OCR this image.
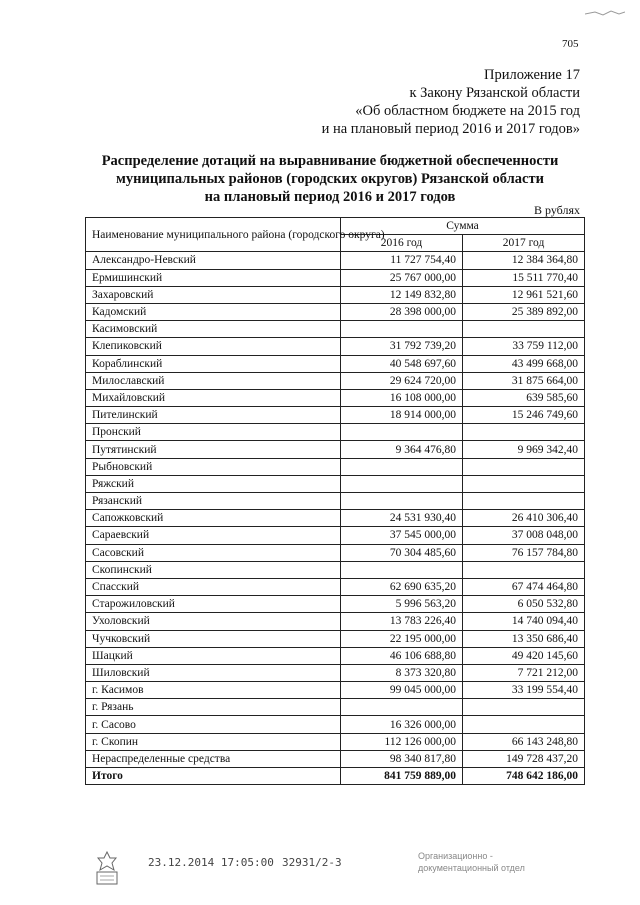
705
Приложение 17
к Закону Рязанской области
«Об областном бюджете на 2015 год
и на плановый период 2016 и 2017 годов»
Распределение дотаций на выравнивание бюджетной обеспеченности
муниципальных районов (городских округов) Рязанской области
на плановый период 2016 и 2017 годов
В рублях
Наименование муниципального района (городского округа)	Сумма	
	2016 год	2017 год
Александро-Невский	11 727 754,40	12 384 364,80
Ермишинский	25 767 000,00	15 511 770,40
Захаровский	12 149 832,80	12 961 521,60
Кадомский	28 398 000,00	25 389 892,00
Касимовский		
Клепиковский	31 792 739,20	33 759 112,00
Кораблинский	40 548 697,60	43 499 668,00
Милославский	29 624 720,00	31 875 664,00
Михайловский	16 108 000,00	639 585,60
Пителинский	18 914 000,00	15 246 749,60
Пронский		
Путятинский	9 364 476,80	9 969 342,40
Рыбновский		
Ряжский		
Рязанский		
Сапожковский	24 531 930,40	26 410 306,40
Сараевский	37 545 000,00	37 008 048,00
Сасовский	70 304 485,60	76 157 784,80
Скопинский		
Спасский	62 690 635,20	67 474 464,80
Старожиловский	5 996 563,20	6 050 532,80
Ухоловский	13 783 226,40	14 740 094,40
Чучковский	22 195 000,00	13 350 686,40
Шацкий	46 106 688,80	49 420 145,60
Шиловский	8 373 320,80	7 721 212,00
г. Касимов	99 045 000,00	33 199 554,40
г. Рязань		
г. Сасово	16 326 000,00	
г. Скопин	112 126 000,00	66 143 248,80
Нераспределенные средства	98 340 817,80	149 728 437,20
Итого	841 759 889,00	748 642 186,00
23.12.2014 17:05:00 32931/2-3	Организационно -
документационный отдел
